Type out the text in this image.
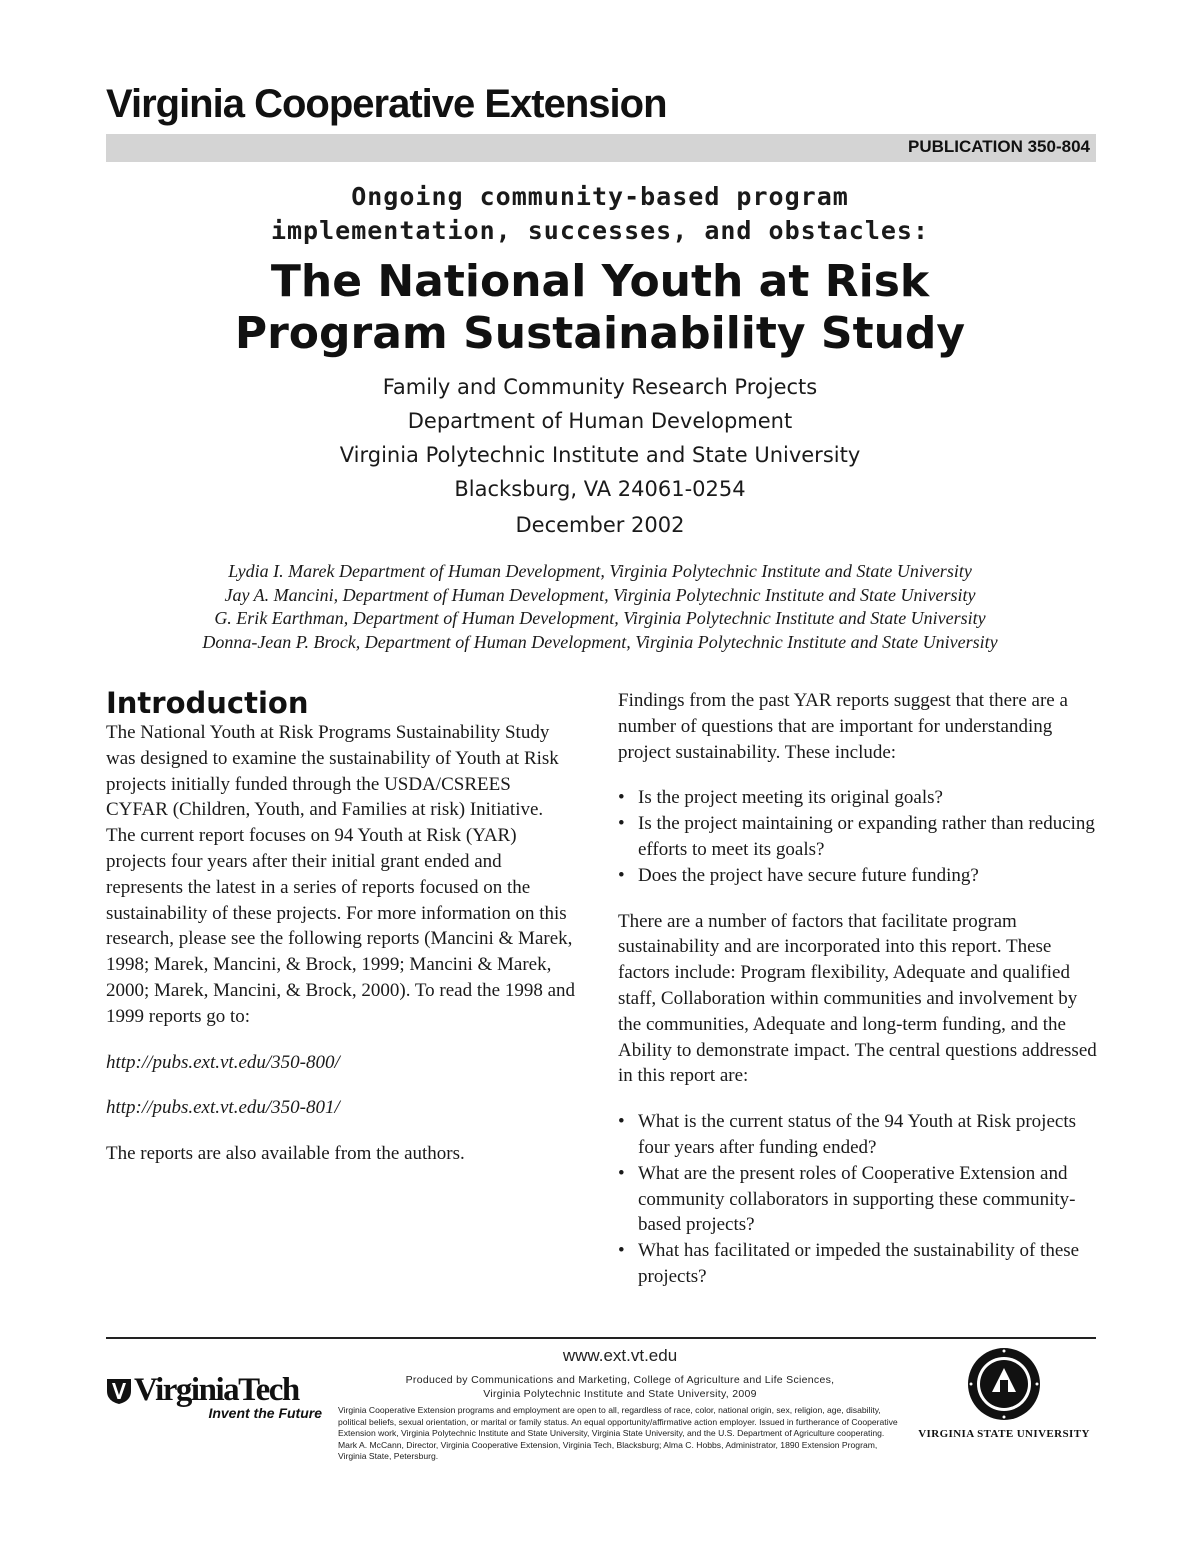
Virginia Cooperative Extension
PUBLICATION 350-804
Ongoing community-based program
implementation, successes, and obstacles:
The National Youth at Risk
Program Sustainability Study
Family and Community Research Projects
Department of Human Development
Virginia Polytechnic Institute and State University
Blacksburg, VA 24061-0254
December 2002
Lydia I. Marek Department of Human Development, Virginia Polytechnic Institute and State University
Jay A. Mancini, Department of Human Development, Virginia Polytechnic Institute and State University
G. Erik Earthman, Department of Human Development, Virginia Polytechnic Institute and State University
Donna-Jean P. Brock, Department of Human Development, Virginia Polytechnic Institute and State University
Introduction

The National Youth at Risk Programs Sustainability Study was designed to examine the sustainability of Youth at Risk projects initially funded through the USDA/CSREES CYFAR (Children, Youth, and Families at risk) Initiative. The current report focuses on 94 Youth at Risk (YAR) projects four years after their initial grant ended and represents the latest in a series of reports focused on the sustainability of these projects. For more information on this research, please see the following reports (Mancini & Marek, 1998; Marek, Mancini, & Brock, 1999; Mancini & Marek, 2000; Marek, Mancini, & Brock, 2000). To read the 1998 and 1999 reports go to:

http://pubs.ext.vt.edu/350-800/

http://pubs.ext.vt.edu/350-801/

The reports are also available from the authors.

Findings from the past YAR reports suggest that there are a number of questions that are important for understanding project sustainability. These include:

• Is the project meeting its original goals?
• Is the project maintaining or expanding rather than reducing efforts to meet its goals?
• Does the project have secure future funding?

There are a number of factors that facilitate program sustainability and are incorporated into this report. These factors include: Program flexibility, Adequate and qualified staff, Collaboration within communities and involvement by the communities, Adequate and long-term funding, and the Ability to demonstrate impact. The central questions addressed in this report are:

• What is the current status of the 94 Youth at Risk projects four years after funding ended?
• What are the present roles of Cooperative Extension and community collaborators in supporting these community-based projects?
• What has facilitated or impeded the sustainability of these projects?
VirginiaTech
Invent the Future
www.ext.vt.edu
Produced by Communications and Marketing, College of Agriculture and Life Sciences,
Virginia Polytechnic Institute and State University, 2009
Virginia Cooperative Extension programs and employment are open to all, regardless of race, color, national origin, sex, religion, age, disability, political beliefs, sexual orientation, or marital or family status. An equal opportunity/affirmative action employer. Issued in furtherance of Cooperative Extension work, Virginia Polytechnic Institute and State University, Virginia State University, and the U.S. Department of Agriculture cooperating. Mark A. McCann, Director, Virginia Cooperative Extension, Virginia Tech, Blacksburg; Alma C. Hobbs, Administrator, 1890 Extension Program, Virginia State, Petersburg.
VIRGINIA STATE UNIVERSITY
